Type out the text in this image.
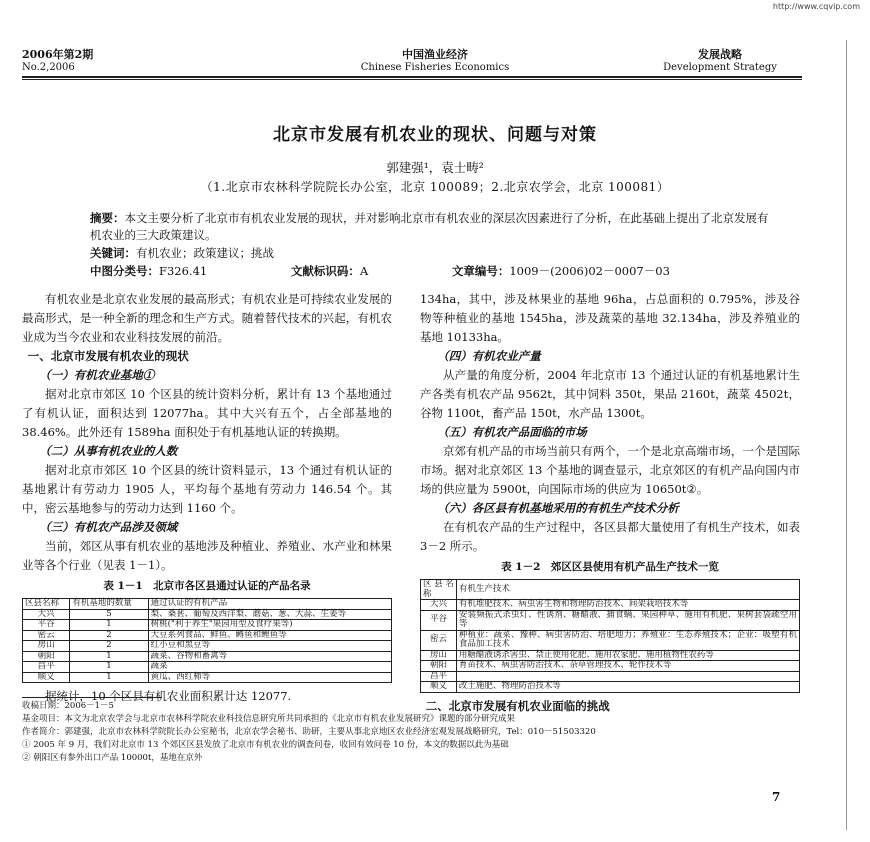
http://www.cqvip.com
2006年第2期
No.2,2006
中国渔业经济
Chinese Fisheries Economics
发展战略
Development Strategy
北京市发展有机农业的现状、问题与对策
郭建强¹，袁士畴²
（1.北京市农林科学院院长办公室，北京 100089；2.北京农学会，北京 100081）
摘要：本文主要分析了北京市有机农业发展的现状，并对影响北京市有机农业的深层次因素进行了分析，在此基础上提出了北京发展有机农业的三大政策建议。
关键词：有机农业；政策建议；挑战
中图分类号：F326.41	文献标识码：A	文章编号：1009－(2006)02－0007－03

有机农业是北京农业发展的最高形式；有机农业是可持续农业发展的最高形式，是一种全新的理念和生产方式。随着替代技术的兴起，有机农业成为当今农业和农业科技发展的前沿。

一、北京市发展有机农业的现状

（一）有机农业基地①

据对北京市郊区 10 个区县的统计资料分析，累计有 13 个基地通过了有机认证，面积达到 12077ha。其中大兴有五个，占全部基地的 38.46%。此外还有 1589ha 面积处于有机基地认证的转换期。

（二）从事有机农业的人数

据对北京市郊区 10 个区县的统计资料显示，13 个通过有机认证的基地累计有劳动力 1905 人，平均每个基地有劳动力 146.54 个。其中，密云基地参与的劳动力达到 1160 个。

（三）有机农产品涉及领域

当前，郊区从事有机农业的基地涉及种植业、养殖业、水产业和林果业等各个行业（见表 1－1）。

表 1－1　北京市各区县通过认证的产品名录
区县名称	有机基地的数量	通过认证的有机产品
大兴	5	梨、桑葚、葡萄及西洋梨、蘑菇、葱、大蒜、生姜等
平谷	1	树桃("利于养生"果园用型及食疗果等)
密云	2	大豆系列食品、鲜鱼、鳟鱼和鲤鱼等
房山	2	红小豆和黑豆等
朝阳	1	蔬菜、谷物和畜禽等
昌平	1	蔬菜
顺义	1	黄瓜、西红柿等

据统计，10 个区县有机农业面积累计达 12077.

134ha，其中，涉及林果业的基地 96ha，占总面积的 0.795%，涉及谷物等种植业的基地 1545ha，涉及蔬菜的基地 32.134ha，涉及养殖业的基地 10133ha。

（四）有机农业产量

从产量的角度分析，2004 年北京市 13 个通过认证的有机基地累计生产各类有机农产品 9562t，其中饲料 350t，果品 2160t，蔬菜 4502t，谷物 1100t，畜产品 150t，水产品 1300t。

（五）有机农产品面临的市场

京郊有机产品的市场当前只有两个，一个是北京高端市场，一个是国际市场。据对北京郊区 13 个基地的调查显示，北京郊区的有机产品向国内市场的供应量为 5900t，向国际市场的供应为 10650t②。

（六）各区县有机基地采用的有机生产技术分析

在有机农产品的生产过程中，各区县都大量使用了有机生产技术，如表 3－2 所示。

表 1－2　郊区区县使用有机产品生产技术一览
区县名称	有机生产技术
大兴	有机堆肥技术、病虫害生物和物理防治技术、间架栽培技术等
平谷	安装频振式杀虫灯、性诱剂、糖醋液、捕食螨、果园种草、施用有机肥、果树套袋疏空用等
密云	种植业：蔬菜、豫种、病虫害防治、培肥地力；养殖业：生态养殖技术；企业：吸塑有机食品加工技术
房山	用糖醋液诱杀害虫、禁止使用化肥、施用农家肥、施用植物性农药等
朝阳	育苗技术、病虫害防治技术、杂草管理技术、轮作技术等
昌平	
顺义	改土施肥、物理防治技术等

二、北京市发展有机农业面临的挑战

收稿日期：2006－1－5

基金项目：本文为北京农学会与北京市农林科学院农业科技信息研究所共同承担的《北京市有机农业发展研究》课题的部分研究成果

作者简介：郭建强，北京市农林科学院院长办公室秘书，北京农学会秘书、助研，主要从事北京地区农业经济宏观发展战略研究，Tel：010－51503320

① 2005 年 9 月，我们对北京市 13 个郊区区县发放了北京市有机农业的调查问卷，收回有效问卷 10 份，本文的数据以此为基础

② 朝阳区有参外出口产品 10000t，基地在京外

7
